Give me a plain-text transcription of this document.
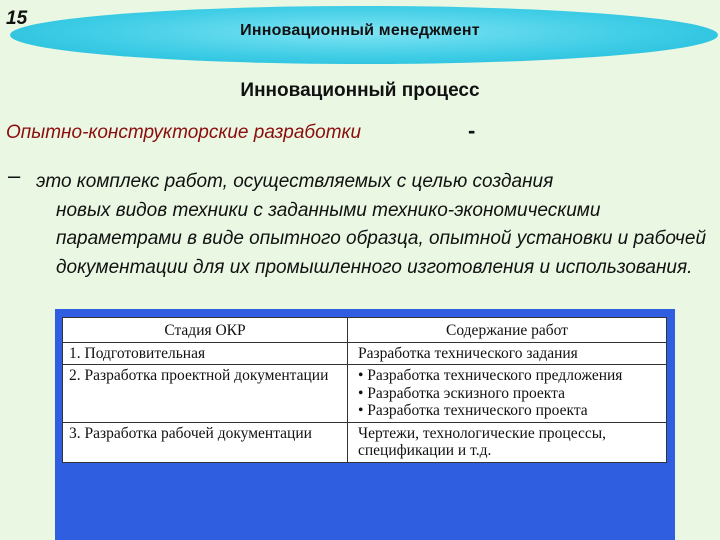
15
Инновационный менеджмент
Инновационный процесс
Опытно-конструкторские разработки	-
– это комплекс работ, осуществляемых с целью создания
новых видов техники с заданными технико-экономическими параметрами в виде опытного образца, опытной установки и рабочей документации для их промышленного изготовления и использования.
Стадия ОКР	Содержание работ
1. Подготовительная	Разработка технического задания

2. Разработка проектной документации	• Разработка технического предложения
• Разработка эскизного проекта
• Разработка технического проекта

3. Разработка рабочей документации	Чертежи, технологические процессы, спецификации и т.д.
